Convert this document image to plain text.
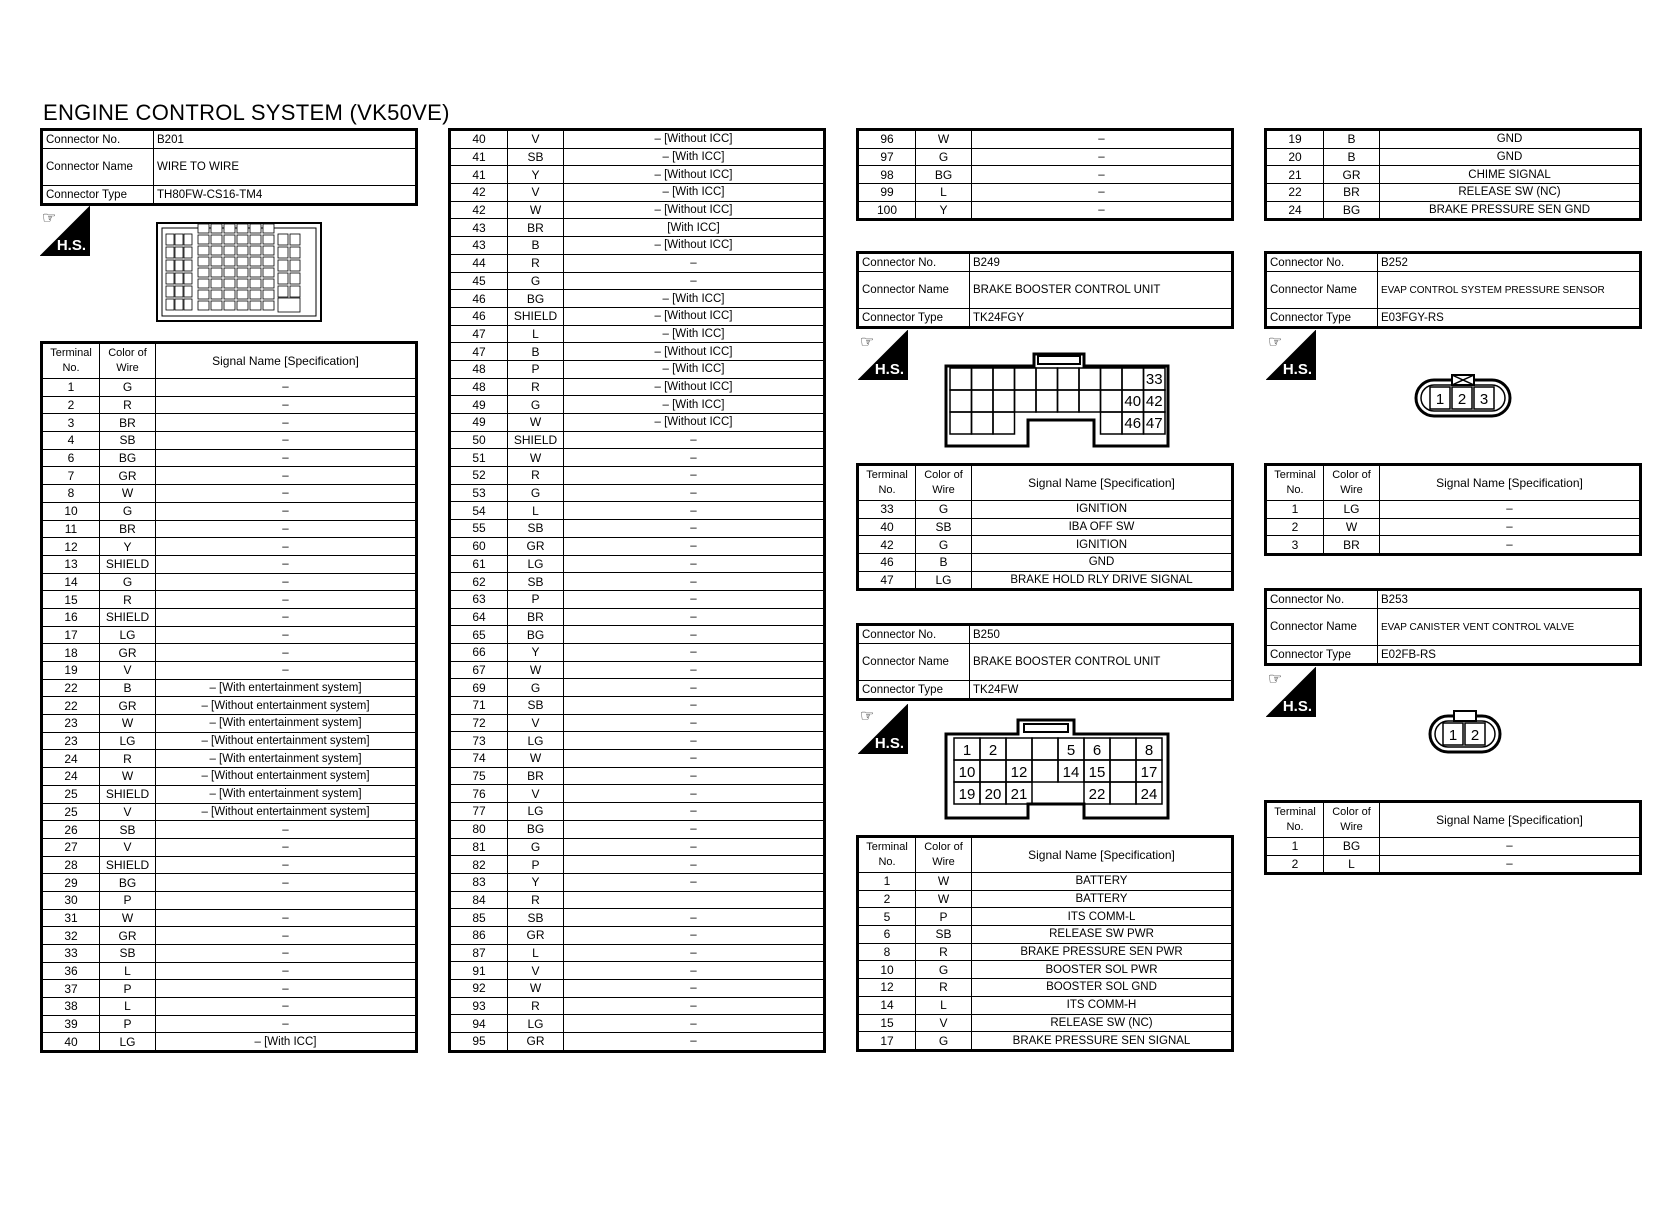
ENGINE CONTROL SYSTEM (VK50VE)
Connector No.	B201
Connector Name	WIRE TO WIRE
Connector Type	TH80FW-CS16-TM4
☞
H.S.
Terminal No.	Color of Wire	Signal Name [Specification]
1	G	–
2	R	–
3	BR	–
4	SB	–
6	BG	–
7	GR	–
8	W	–
10	G	–
11	BR	–
12	Y	–
13	SHIELD	–
14	G	–
15	R	–
16	SHIELD	–
17	LG	–
18	GR	–
19	V	–
22	B	– [With entertainment system]
22	GR	– [Without entertainment system]
23	W	– [With entertainment system]
23	LG	– [Without entertainment system]
24	R	– [With entertainment system]
24	W	– [Without entertainment system]
25	SHIELD	– [With entertainment system]
25	V	– [Without entertainment system]
26	SB	–
27	V	–
28	SHIELD	–
29	BG	–
30	P	
31	W	–
32	GR	–
33	SB	–
36	L	–
37	P	–
38	L	–
39	P	–
40	LG	– [With ICC]
40	V	– [Without ICC]
41	SB	– [With ICC]
41	Y	– [Without ICC]
42	V	– [With ICC]
42	W	– [Without ICC]
43	BR	[With ICC]
43	B	– [Without ICC]
44	R	–
45	G	–
46	BG	– [With ICC]
46	SHIELD	– [Without ICC]
47	L	– [With ICC]
47	B	– [Without ICC]
48	P	– [With ICC]
48	R	– [Without ICC]
49	G	– [With ICC]
49	W	– [Without ICC]
50	SHIELD	–
51	W	–
52	R	–
53	G	–
54	L	–
55	SB	–
60	GR	–
61	LG	–
62	SB	–
63	P	–
64	BR	–
65	BG	–
66	Y	–
67	W	–
69	G	–
71	SB	–
72	V	–
73	LG	–
74	W	–
75	BR	–
76	V	–
77	LG	–
80	BG	–
81	G	–
82	P	–
83	Y	–
84	R	
85	SB	–
86	GR	–
87	L	–
91	V	–
92	W	–
93	R	–
94	LG	–
95	GR	–
96	W	–
97	G	–
98	BG	–
99	L	–
100	Y	–
Connector No.	B249
Connector Name	BRAKE BOOSTER CONTROL UNIT
Connector Type	TK24FGY
☞
H.S.
33
40 42
46 47
Terminal No.	Color of Wire	Signal Name [Specification]
33	G	IGNITION
40	SB	IBA OFF SW
42	G	IGNITION
46	B	GND
47	LG	BRAKE HOLD RLY DRIVE SIGNAL
Connector No.	B250
Connector Name	BRAKE BOOSTER CONTROL UNIT
Connector Type	TK24FW
☞
H.S.	1 2	5 6	8
10 12 14 15 17
19 20 21	22 24
Terminal No.	Color of Wire	Signal Name [Specification]
1	W	BATTERY
2	W	BATTERY
5	P	ITS COMM-L
6	SB	RELEASE SW PWR
8	R	BRAKE PRESSURE SEN PWR
10	G	BOOSTER SOL PWR
12	R	BOOSTER SOL GND
14	L	ITS COMM-H
15	V	RELEASE SW (NC)
17	G	BRAKE PRESSURE SEN SIGNAL
19	B	GND
20	B	GND
21	GR	CHIME SIGNAL
22	BR	RELEASE SW (NC)
24	BG	BRAKE PRESSURE SEN GND
Connector No.	B252
Connector Name	EVAP CONTROL SYSTEM PRESSURE SENSOR
Connector Type	E03FGY-RS
☞
H.S.
1 2 3
Terminal No.	Color of Wire	Signal Name [Specification]
1	LG	–
2	W	–
3	BR	–
Connector No.	B253
Connector Name	EVAP CANISTER VENT CONTROL VALVE
Connector Type	E02FB-RS
☞
H.S.
1 2
Terminal No.	Color of Wire	Signal Name [Specification]
1	BG	–
2	L	–
